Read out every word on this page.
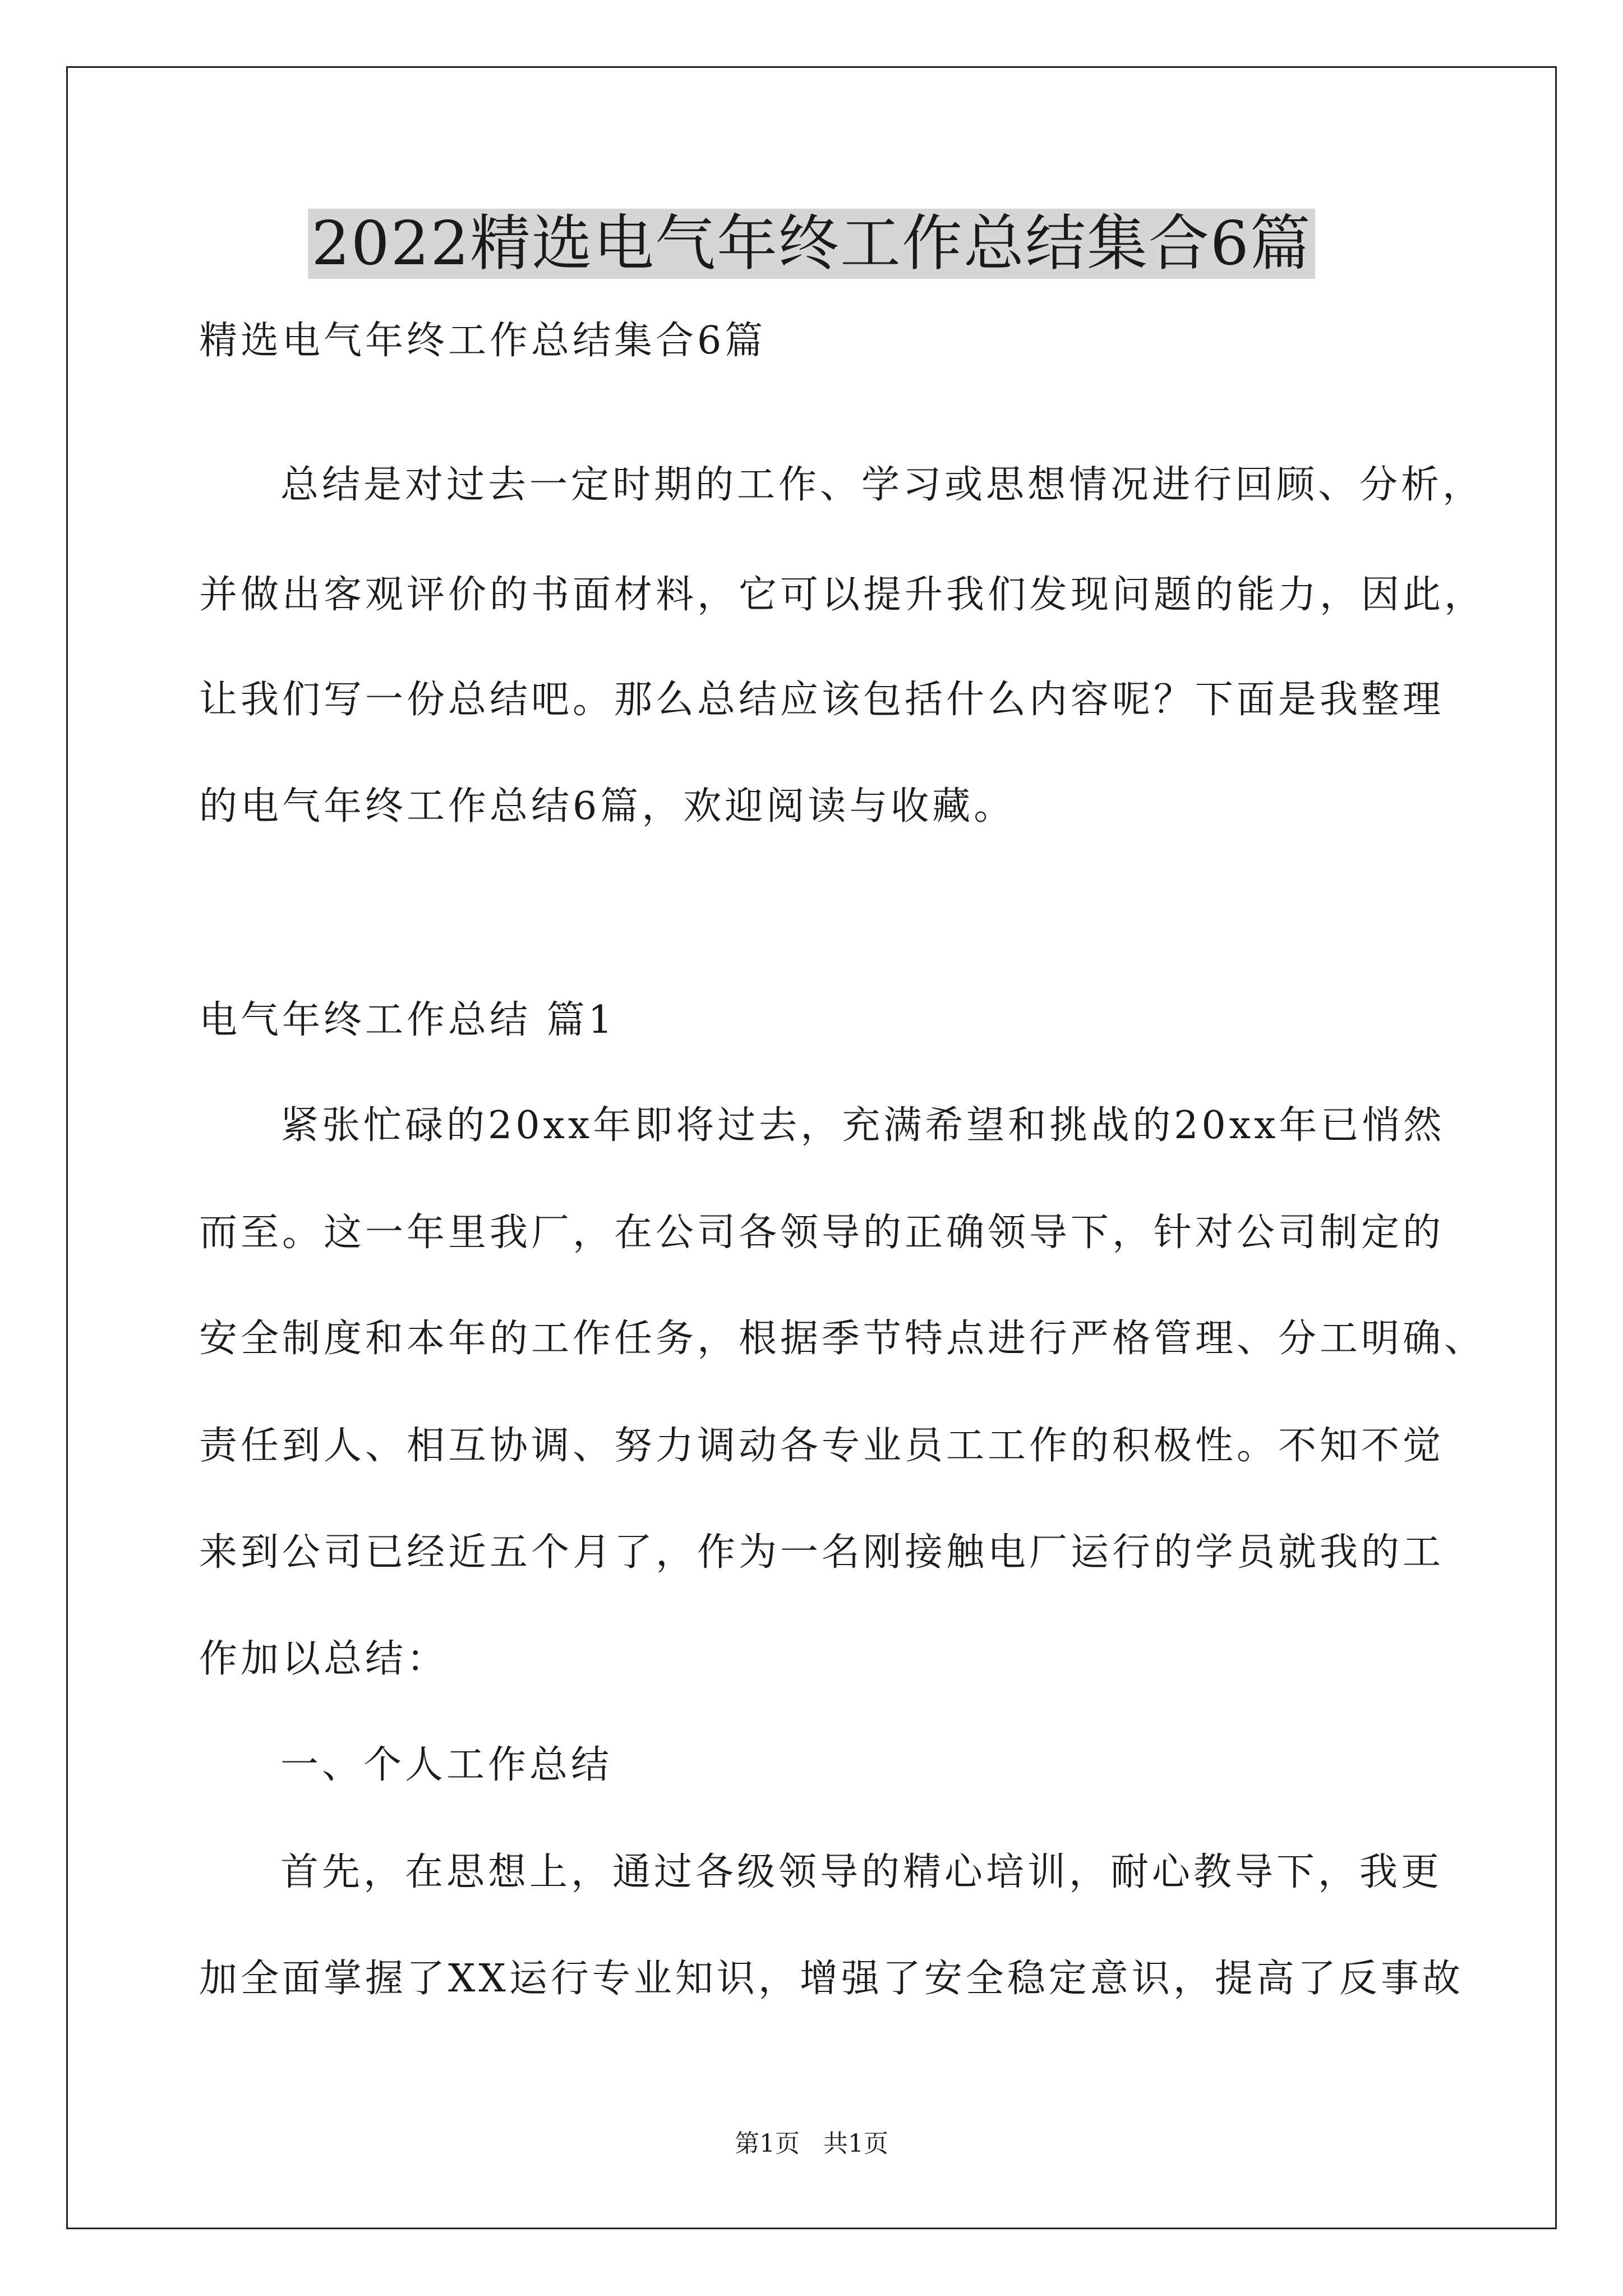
2022精选电气年终工作总结集合6篇

精选电气年终工作总结集合6篇

总结是对过去一定时期的工作、学习或思想情况进行回顾、分析，

并做出客观评价的书面材料，它可以提升我们发现问题的能力，因此，

让我们写一份总结吧。那么总结应该包括什么内容呢？下面是我整理

的电气年终工作总结6篇，欢迎阅读与收藏。

电气年终工作总结 篇1

紧张忙碌的20xx年即将过去，充满希望和挑战的20xx年已悄然

而至。这一年里我厂，在公司各领导的正确领导下，针对公司制定的

安全制度和本年的工作任务，根据季节特点进行严格管理、分工明确、

责任到人、相互协调、努力调动各专业员工工作的积极性。不知不觉

来到公司已经近五个月了，作为一名刚接触电厂运行的学员就我的工

作加以总结：

一、个人工作总结

首先，在思想上，通过各级领导的精心培训，耐心教导下，我更

加全面掌握了XX运行专业知识，增强了安全稳定意识，提高了反事故

第1页   共1页
